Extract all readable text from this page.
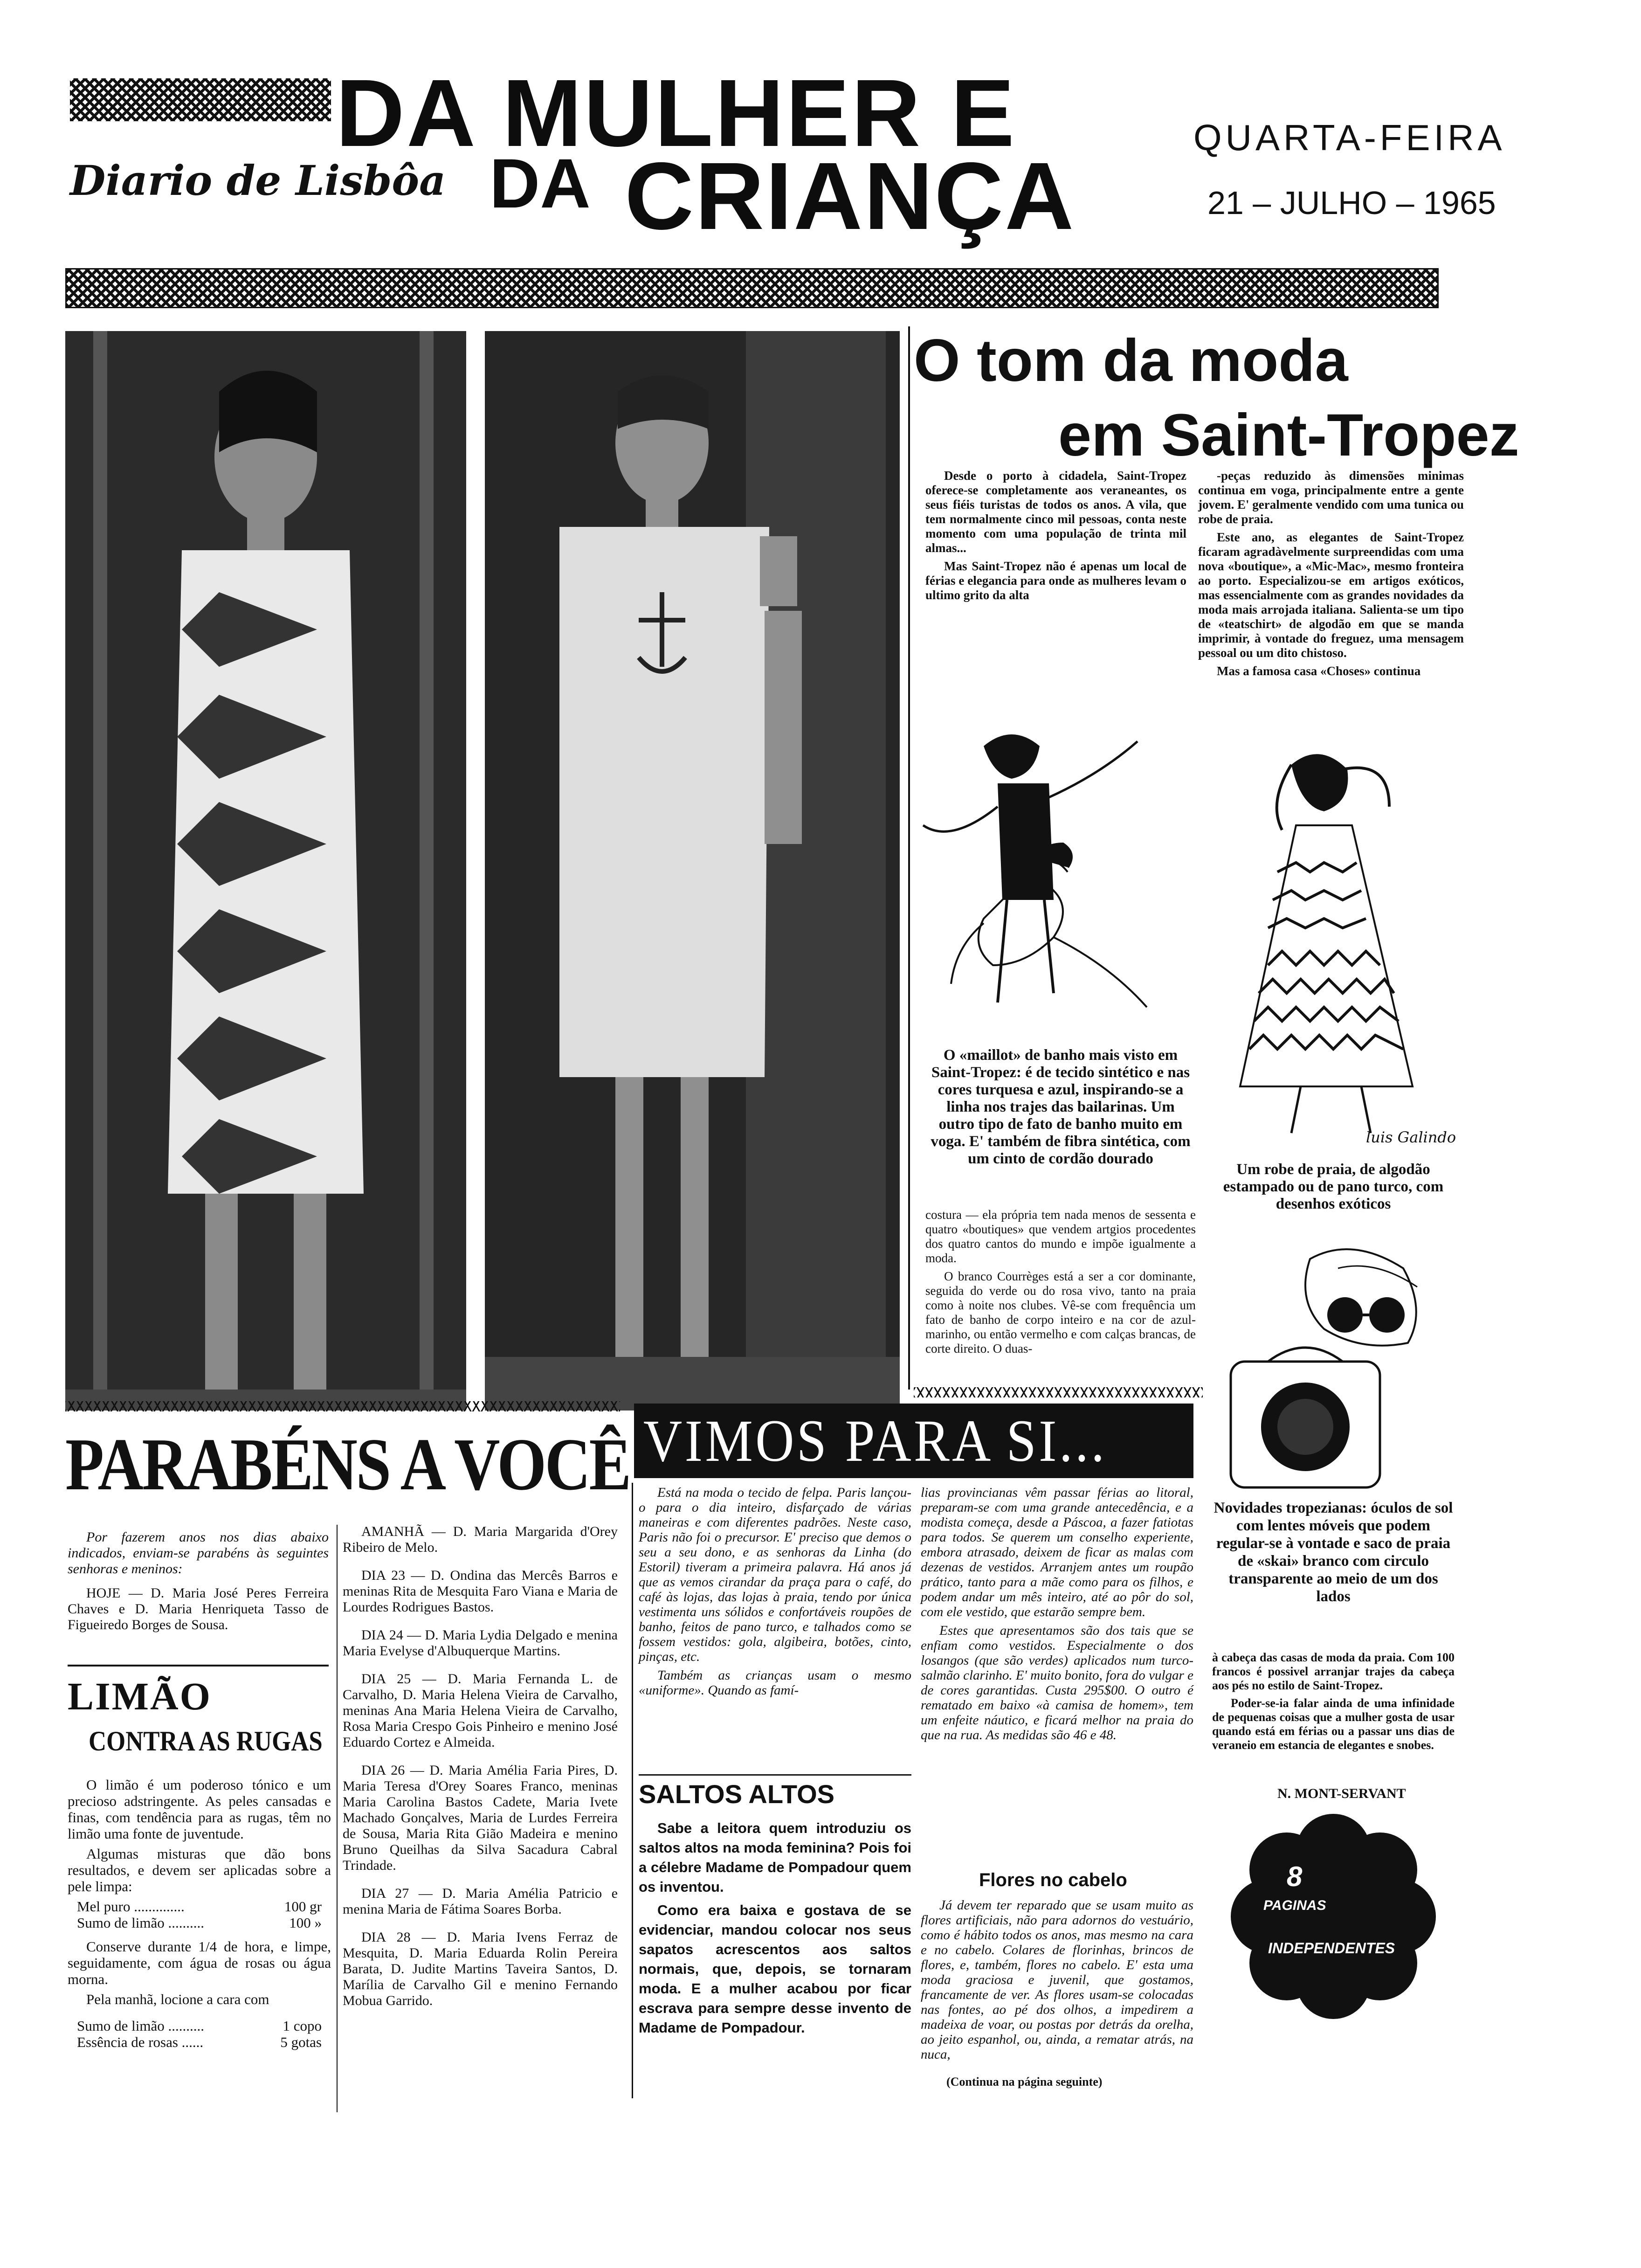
DA MULHER E
DA CRIANÇA
Diario de Lisbôa
QUARTA-FEIRA
21 – JULHO – 1965
O tom da moda
em Saint-Tropez

Desde o porto à cidadela, Saint-Tropez oferece-se completamente aos veraneantes, os seus fiéis turistas de todos os anos. A vila, que tem normalmente cinco mil pessoas, conta neste momento com uma população de trinta mil almas...

Mas Saint-Tropez não é apenas um local de férias e elegancia para onde as mulheres levam o ultimo grito da alta

-peças reduzido às dimensões minimas continua em voga, principalmente entre a gente jovem. E' geralmente vendido com uma tunica ou robe de praia.

Este ano, as elegantes de Saint-Tropez ficaram agradàvelmente surpreendidas com uma nova «boutique», a «Mic-Mac», mesmo fronteira ao porto. Especializou-se em artigos exóticos, mas essencialmente com as grandes novidades da moda mais arrojada italiana. Salienta-se um tipo de «teatschirt» de algodão em que se manda imprimir, à vontade do freguez, uma mensagem pessoal ou um dito chistoso.

Mas a famosa casa «Choses» continua

luis Galindo
O «maillot» de banho mais visto em Saint-Tropez: é de tecido sintético e nas cores turquesa e azul, inspirando-se a linha nos trajes das bailarinas. Um outro tipo de fato de banho muito em voga. E' também de fibra sintética, com um cinto de cordão dourado
Um robe de praia, de algodão estampado ou de pano turco, com desenhos exóticos

costura — ela própria tem nada menos de sessenta e quatro «boutiques» que vendem artgios procedentes dos quatro cantos do mundo e impõe igualmente a moda.

O branco Courrèges está a ser a cor dominante, seguida do verde ou do rosa vivo, tanto na praia como à noite nos clubes. Vê-se com frequência um fato de banho de corpo inteiro e na cor de azul-marinho, ou então vermelho e com calças brancas, de corte direito. O duas-

Novidades tropezianas: óculos de sol com lentes móveis que podem regular-se à vontade e saco de praia de «skai» branco com circulo transparente ao meio de um dos lados

à cabeça das casas de moda da praia. Com 100 francos é possivel arranjar trajes da cabeça aos pés no estilo de Saint-Tropez.

Poder-se-ia falar ainda de uma infinidade de pequenas coisas que a mulher gosta de usar quando está em férias ou a passar uns dias de veraneio em estancia de elegantes e snobes.

N. MONT-SERVANT
8
PAGINAS
INDEPENDENTES
PARABÉNS A VOCÊ
Por fazerem anos nos dias abaixo indicados, enviam-se parabéns às seguintes senhoras e meninos:
HOJE — D. Maria José Peres Ferreira Chaves e D. Maria Henriqueta Tasso de Figueiredo Borges de Sousa.

AMANHÃ — D. Maria Margarida d'Orey Ribeiro de Melo.

DIA 23 — D. Ondina das Mercês Barros e meninas Rita de Mesquita Faro Viana e Maria de Lourdes Rodrigues Bastos.

DIA 24 — D. Maria Lydia Delgado e menina Maria Evelyse d'Albuquerque Martins.

DIA 25 — D. Maria Fernanda L. de Carvalho, D. Maria Helena Vieira de Carvalho, meninas Ana Maria Helena Vieira de Carvalho, Rosa Maria Crespo Gois Pinheiro e menino José Eduardo Cortez e Almeida.

DIA 26 — D. Maria Amélia Faria Pires, D. Maria Teresa d'Orey Soares Franco, meninas Maria Carolina Bastos Cadete, Maria Ivete Machado Gonçalves, Maria de Lurdes Ferreira de Sousa, Maria Rita Gião Madeira e menino Bruno Queilhas da Silva Sacadura Cabral Trindade.

DIA 27 — D. Maria Amélia Patricio e menina Maria de Fátima Soares Borba.

DIA 28 — D. Maria Ivens Ferraz de Mesquita, D. Maria Eduarda Rolin Pereira Barata, D. Judite Martins Taveira Santos, D. Marília de Carvalho Gil e menino Fernando Mobua Garrido.

LIMÃO
CONTRA AS RUGAS

O limão é um poderoso tónico e um precioso adstringente. As peles cansadas e finas, com tendência para as rugas, têm no limão uma fonte de juventude.

Algumas misturas que dão bons resultados, e devem ser aplicadas sobre a pele limpa:

Mel puro ..............	100 gr
Sumo de limão ..........	100 »

Conserve durante 1/4 de hora, e limpe, seguidamente, com água de rosas ou água morna.

Pela manhã, locione a cara com

Sumo de limão ..........	1 copo
Essência de rosas ......	5 gotas
VIMOS PARA SI...

Está na moda o tecido de felpa. Paris lançou-o para o dia inteiro, disfarçado de várias maneiras e com diferentes padrões. Neste caso, Paris não foi o precursor. E' preciso que demos o seu a seu dono, e as senhoras da Linha (do Estoril) tiveram a primeira palavra. Há anos já que as vemos cirandar da praça para o café, do café às lojas, das lojas à praia, tendo por única vestimenta uns sólidos e confortáveis roupões de banho, feitos de pano turco, e talhados como se fossem vestidos: gola, algibeira, botões, cinto, pinças, etc.

Também as crianças usam o mesmo «uniforme». Quando as famí-

lias provincianas vêm passar férias ao litoral, preparam-se com uma grande antecedência, e a modista começa, desde a Páscoa, a fazer fatiotas para todos. Se querem um conselho experiente, embora atrasado, deixem de ficar as malas com dezenas de vestidos. Arranjem antes um roupão prático, tanto para a mãe como para os filhos, e podem andar um mês inteiro, até ao pôr do sol, com ele vestido, que estarão sempre bem.

Estes que apresentamos são dos tais que se enfiam como vestidos. Especialmente o dos losangos (que são verdes) aplicados num turco-salmão clarinho. E' muito bonito, fora do vulgar e de cores garantidas. Custa 295$00. O outro é rematado em baixo «à camisa de homem», tem um enfeite náutico, e ficará melhor na praia do que na rua. As medidas são 46 e 48.

SALTOS ALTOS

Sabe a leitora quem introduziu os saltos altos na moda feminina? Pois foi a célebre Madame de Pompadour quem os inventou.

Como era baixa e gostava de se evidenciar, mandou colocar nos seus sapatos acrescentos aos saltos normais, que, depois, se tornaram moda. E a mulher acabou por ficar escrava para sempre desse invento de Madame de Pompadour.

Flores no cabelo
Já devem ter reparado que se usam muito as flores artificiais, não para adornos do vestuário, como é hábito todos os anos, mas mesmo na cara e no cabelo. Colares de florinhas, brincos de flores, e, também, flores no cabelo. E' esta uma moda graciosa e juvenil, que gostamos, francamente de ver. As flores usam-se colocadas nas fontes, ao pé dos olhos, a impedirem a madeixa de voar, ou postas por detrás da orelha, ao jeito espanhol, ou, ainda, a rematar atrás, na nuca,
(Continua na página seguinte)
